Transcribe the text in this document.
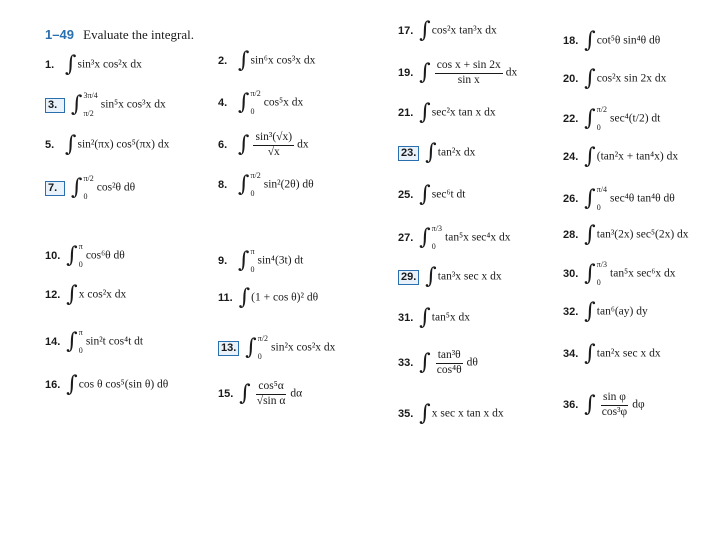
1–49 Evaluate the integral.
1. ∫sin³x cos²x dx	2. ∫sin⁶x cos³x dx
3. ∫ 3π/4
π/2
sin⁵x cos³x dx	4. ∫ π/2
0
cos⁵x dx
5. ∫sin²(πx) cos⁵(πx) dx	6. ∫ $\frac{\text{sin³(√x)}}{√x}$ dx
7. ∫ π/2
0
cos²θ dθ	8. ∫ π/2
0
sin²(2θ) dθ
9. ∫ π
0
sin⁴(3t) dt
10. ∫ π
0
cos⁶θ dθ
11. ∫(1 + cos θ)² dθ
12. ∫x cos²x dx
13. ∫ π/2
0
sin²x cos²x dx
14. ∫ π
0
sin²t cos⁴t dt
15. ∫ $\frac{\text{cos⁵α}}{\text{√sin α}}$ dα
16. ∫cos θ cos⁵(sin θ) dθ
17. ∫cos²x tan³x dx
18. ∫cot⁵θ sin⁴θ dθ
19. ∫ $\frac{\text{cos x + sin 2x}}{\text{sin x}}$ dx	20. ∫cos²x sin 2x dx
21. ∫sec²x tan x dx	22. ∫ π/2
0
sec⁴(t/2) dt
23. ∫tan²x dx	24. ∫(tan²x + tan⁴x) dx
25. ∫sec⁶t dt	26. ∫ π/4
0
sec⁴θ tan⁴θ dθ
27. ∫ π/3
0
tan⁵x sec⁴x dx	28. ∫tan³(2x) sec⁵(2x) dx
29. ∫tan³x sec x dx	30. ∫ π/3
0
tan⁵x sec⁶x dx
31. ∫tan⁵x dx
32. ∫tan⁶(ay) dy
33. ∫ $\frac{\text{tan³θ}}{\text{cos⁴θ}}$ dθ
34. ∫tan²x sec x dx
35. ∫x sec x tan x dx
36. ∫ $\frac{\text{sin φ}}{\text{cos³φ}}$ dφ
